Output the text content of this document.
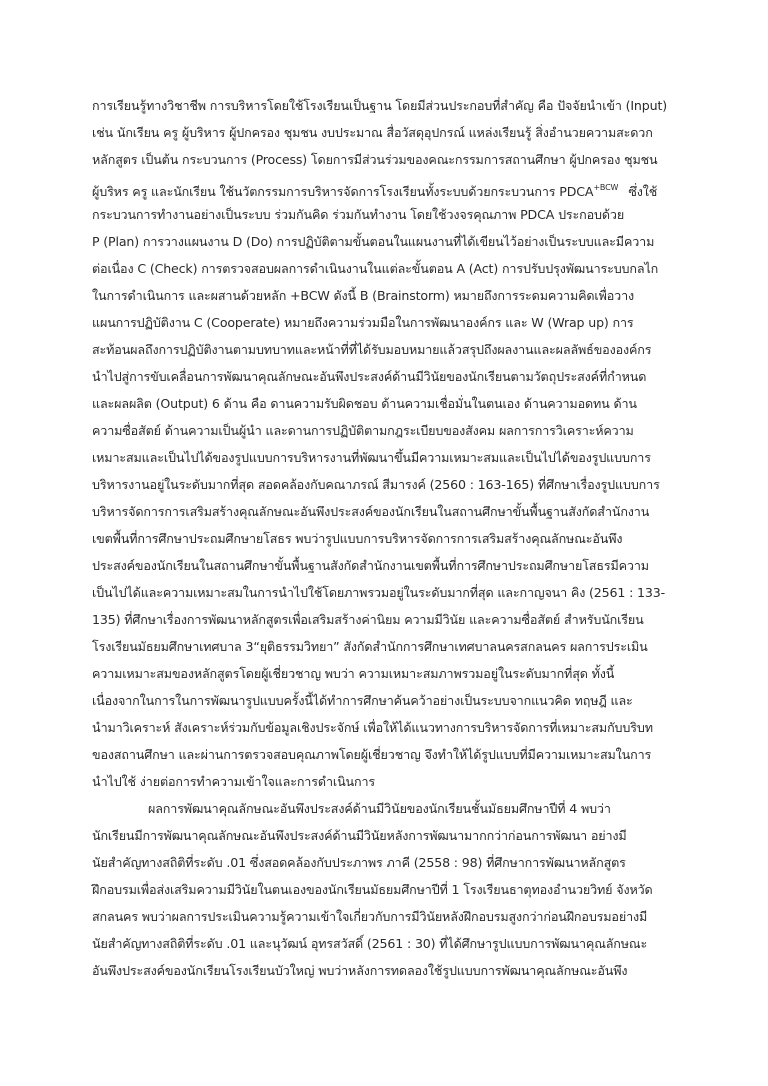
การเรียนรู้ทางวิชาชีพ การบริหารโดยใช้โรงเรียนเป็นฐาน โดยมีส่วนประกอบที่สำคัญ คือ ปัจจัยนำเข้า (Input)
เช่น นักเรียน ครู ผู้บริหาร ผู้ปกครอง ชุมชน งบประมาณ สื่อวัสดุอุปกรณ์ แหล่งเรียนรู้ สิ่งอำนวยความสะดวก
หลักสูตร เป็นต้น กระบวนการ (Process) โดยการมีส่วนร่วมของคณะกรรมการสถานศึกษา ผู้ปกครอง ชุมชน
ผู้บริหร ครู และนักเรียน ใช้นวัตกรรมการบริหารจัดการโรงเรียนทั้งระบบด้วยกระบวนการ $PDCA^{+BCW}$ ซึ่งใช้
กระบวนการทำงานอย่างเป็นระบบ ร่วมกันคิด ร่วมกันทำงาน โดยใช้วงจรคุณภาพ PDCA ประกอบด้วย
P (Plan) การวางแผนงาน D (Do) การปฏิบัติตามขั้นตอนในแผนงานที่ได้เขียนไว้อย่างเป็นระบบและมีความ
ต่อเนื่อง C (Check) การตรวจสอบผลการดำเนินงานในแต่ละขั้นตอน A (Act) การปรับปรุงพัฒนาระบบกลไก
ในการดำเนินการ และผสานด้วยหลัก +BCW ดังนี้ B (Brainstorm) หมายถึงการระดมความคิดเพื่อวาง
แผนการปฏิบัติงาน C (Cooperate) หมายถึงความร่วมมือในการพัฒนาองค์กร และ W (Wrap up) การ
สะท้อนผลถึงการปฏิบัติงานตามบทบาทและหน้าที่ที่ได้รับมอบหมายแล้วสรุปถึงผลงานและผลลัพธ์ขององค์กร
นำไปสู่การขับเคลื่อนการพัฒนาคุณลักษณะอันพึงประสงค์ด้านมีวินัยของนักเรียนตามวัตถุประสงค์ที่กำหนด
และผลผลิต (Output) 6 ด้าน คือ ดานความรับผิดชอบ ด้านความเชื่อมั่นในตนเอง ด้านความอดทน ด้าน
ความซื่อสัตย์ ด้านความเป็นผู้นำ และดานการปฏิบัติตามกฎระเบียบของสังคม ผลการการวิเคราะห์ความ
เหมาะสมและเป็นไปได้ของรูปแบบการบริหารงานที่พัฒนาขึ้นมีความเหมาะสมและเป็นไปได้ของรูปแบบการ
บริหารงานอยู่ในระดับมากที่สุด สอดคล้องกับคณาภรณ์ สีมารงค์ (2560 : 163-165) ที่ศึกษาเรื่องรูปแบบการ
บริหารจัดการการเสริมสร้างคุณลักษณะอันพึงประสงค์ของนักเรียนในสถานศึกษาขั้นพื้นฐานสังกัดสำนักงาน
เขตพื้นที่การศึกษาประถมศึกษายโสธร พบว่ารูปแบบการบริหารจัดการการเสริมสร้างคุณลักษณะอันพึง
ประสงค์ของนักเรียนในสถานศึกษาขั้นพื้นฐานสังกัดสำนักงานเขตพื้นที่การศึกษาประถมศึกษายโสธรมีความ
เป็นไปได้และความเหมาะสมในการนำไปใช้โดยภาพรวมอยู่ในระดับมากที่สุด และกาญจนา คิง (2561 : 133-
135) ที่ศึกษาเรื่องการพัฒนาหลักสูตรเพื่อเสริมสร้างค่านิยม ความมีวินัย และความซื่อสัตย์ สำหรับนักเรียน
โรงเรียนมัธยมศึกษาเทศบาล 3“ยุติธรรมวิทยา” สังกัดสำนักการศึกษาเทศบาลนครสกลนคร ผลการประเมิน
ความเหมาะสมของหลักสูตรโดยผู้เชี่ยวชาญ พบว่า ความเหมาะสมภาพรวมอยู่ในระดับมากที่สุด ทั้งนี้
เนื่องจากในการในการพัฒนารูปแบบครั้งนี้ได้ทำการศึกษาค้นคว้าอย่างเป็นระบบจากแนวคิด ทฤษฎี และ
นำมาวิเคราะห์ สังเคราะห์ร่วมกับข้อมูลเชิงประจักษ์ เพื่อให้ได้แนวทางการบริหารจัดการที่เหมาะสมกับบริบท
ของสถานศึกษา และผ่านการตรวจสอบคุณภาพโดยผู้เชี่ยวชาญ จึงทำให้ได้รูปแบบที่มีความเหมาะสมในการ
นำไปใช้ ง่ายต่อการทำความเข้าใจและการดำเนินการ
ผลการพัฒนาคุณลักษณะอันพึงประสงค์ด้านมีวินัยของนักเรียนชั้นมัธยมศึกษาปีที่ 4 พบว่า
นักเรียนมีการพัฒนาคุณลักษณะอันพึงประสงค์ด้านมีวินัยหลังการพัฒนามากกว่าก่อนการพัฒนา อย่างมี
นัยสำคัญทางสถิติที่ระดับ .01 ซึ่งสอดคล้องกับประภาพร ภาคี (2558 : 98) ที่ศึกษาการพัฒนาหลักสูตร
ฝึกอบรมเพื่อส่งเสริมความมีวินัยในตนเองของนักเรียนมัธยมศึกษาปีที่ 1 โรงเรียนธาตุทองอำนวยวิทย์ จังหวัด
สกลนคร พบว่าผลการประเมินความรู้ความเข้าใจเกี่ยวกับการมีวินัยหลังฝึกอบรมสูงกว่าก่อนฝึกอบรมอย่างมี
นัยสำคัญทางสถิติที่ระดับ .01 และนุวัฒน์ อุทรสวัสดิ์ (2561 : 30) ที่ได้ศึกษารูปแบบการพัฒนาคุณลักษณะ
อันพึงประสงค์ของนักเรียนโรงเรียนบัวใหญ่ พบว่าหลังการทดลองใช้รูปแบบการพัฒนาคุณลักษณะอันพึง
